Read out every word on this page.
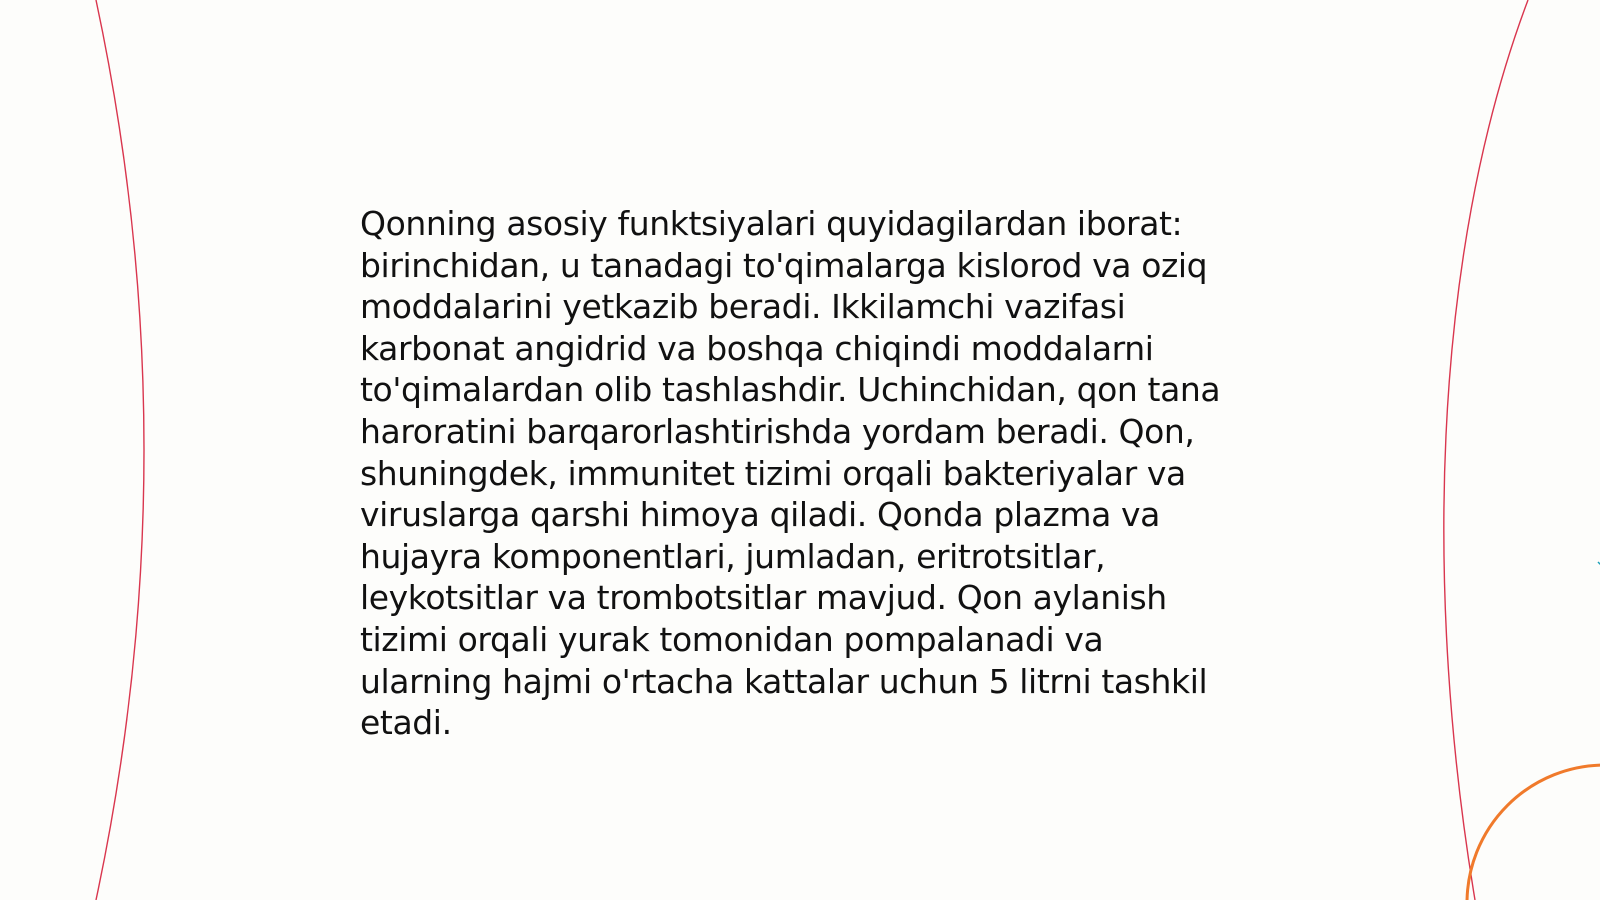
Qonning asosiy funktsiyalari quyidagilardan iborat:
birinchidan, u tanadagi to'qimalarga kislorod va oziq
moddalarini yetkazib beradi. Ikkilamchi vazifasi
karbonat angidrid va boshqa chiqindi moddalarni
to'qimalardan olib tashlashdir. Uchinchidan, qon tana
haroratini barqarorlashtirishda yordam beradi. Qon,
shuningdek, immunitet tizimi orqali bakteriyalar va
viruslarga qarshi himoya qiladi. Qonda plazma va
hujayra komponentlari, jumladan, eritrotsitlar,
leykotsitlar va trombotsitlar mavjud. Qon aylanish
tizimi orqali yurak tomonidan pompalanadi va
ularning hajmi o'rtacha kattalar uchun 5 litrni tashkil
etadi.
